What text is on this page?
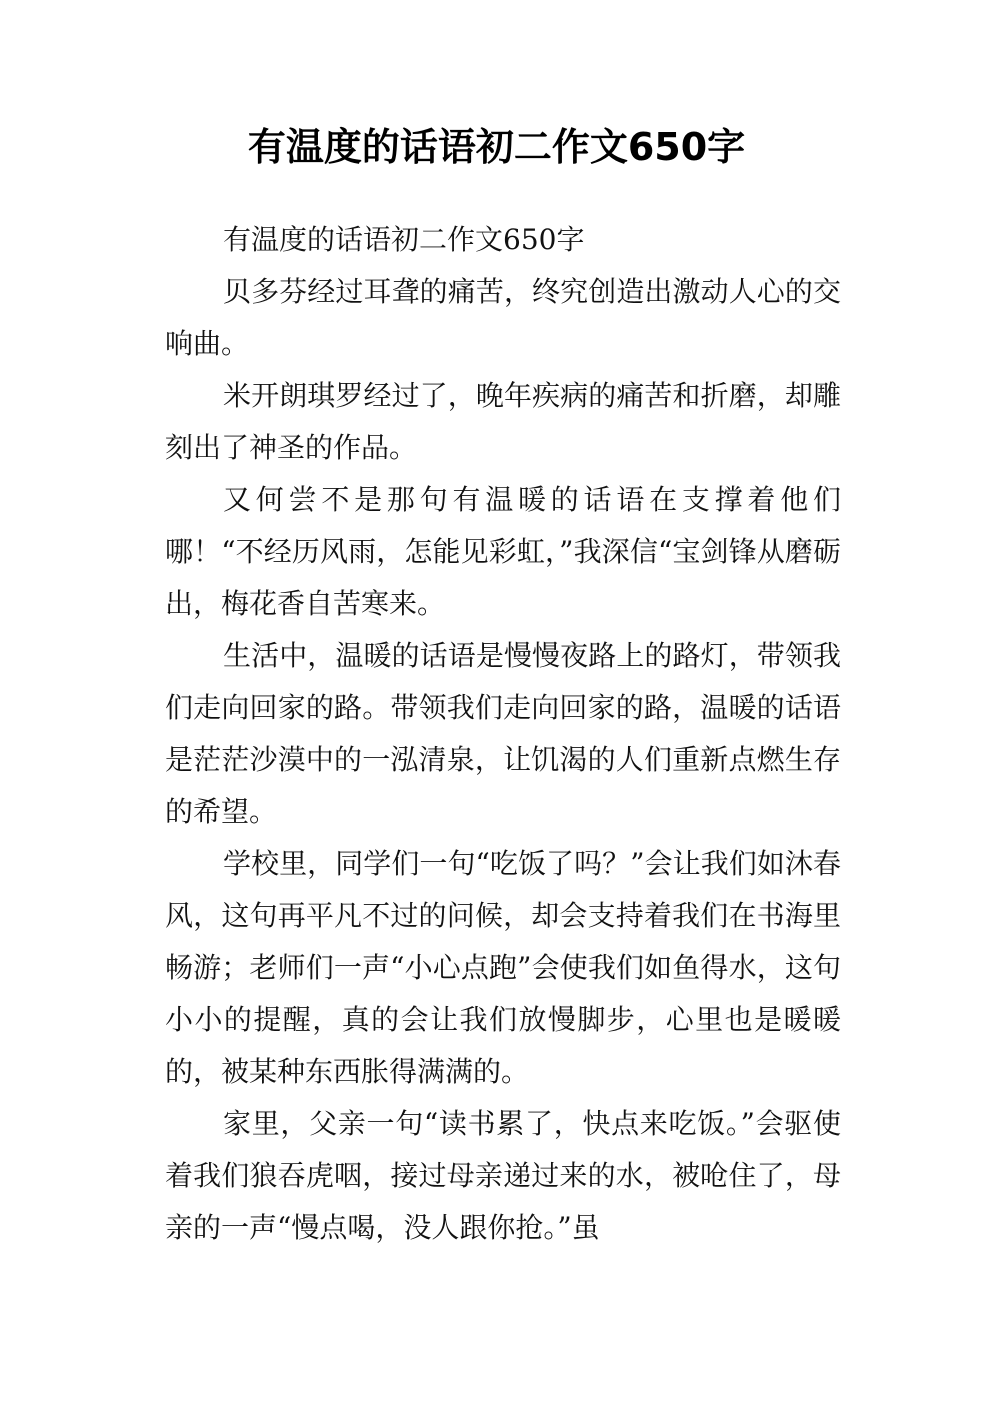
有温度的话语初二作文650字

有温度的话语初二作文650字

贝多芬经过耳聋的痛苦，终究创造出激动人心的交响曲。

米开朗琪罗经过了，晚年疾病的痛苦和折磨，却雕刻出了神圣的作品。

又何尝不是那句有温暖的话语在支撑着他们哪！“不经历风雨，怎能见彩虹，”我深信“宝剑锋从磨砺出，梅花香自苦寒来。

生活中，温暖的话语是慢慢夜路上的路灯，带领我们走向回家的路。带领我们走向回家的路，温暖的话语是茫茫沙漠中的一泓清泉，让饥渴的人们重新点燃生存的希望。

学校里，同学们一句“吃饭了吗？”会让我们如沐春风，这句再平凡不过的问候，却会支持着我们在书海里畅游；老师们一声“小心点跑”会使我们如鱼得水，这句小小的提醒，真的会让我们放慢脚步，心里也是暖暖的，被某种东西胀得满满的。

家里，父亲一句“读书累了，快点来吃饭。”会驱使着我们狼吞虎咽，接过母亲递过来的水，被呛住了，母亲的一声“慢点喝，没人跟你抢。”虽
